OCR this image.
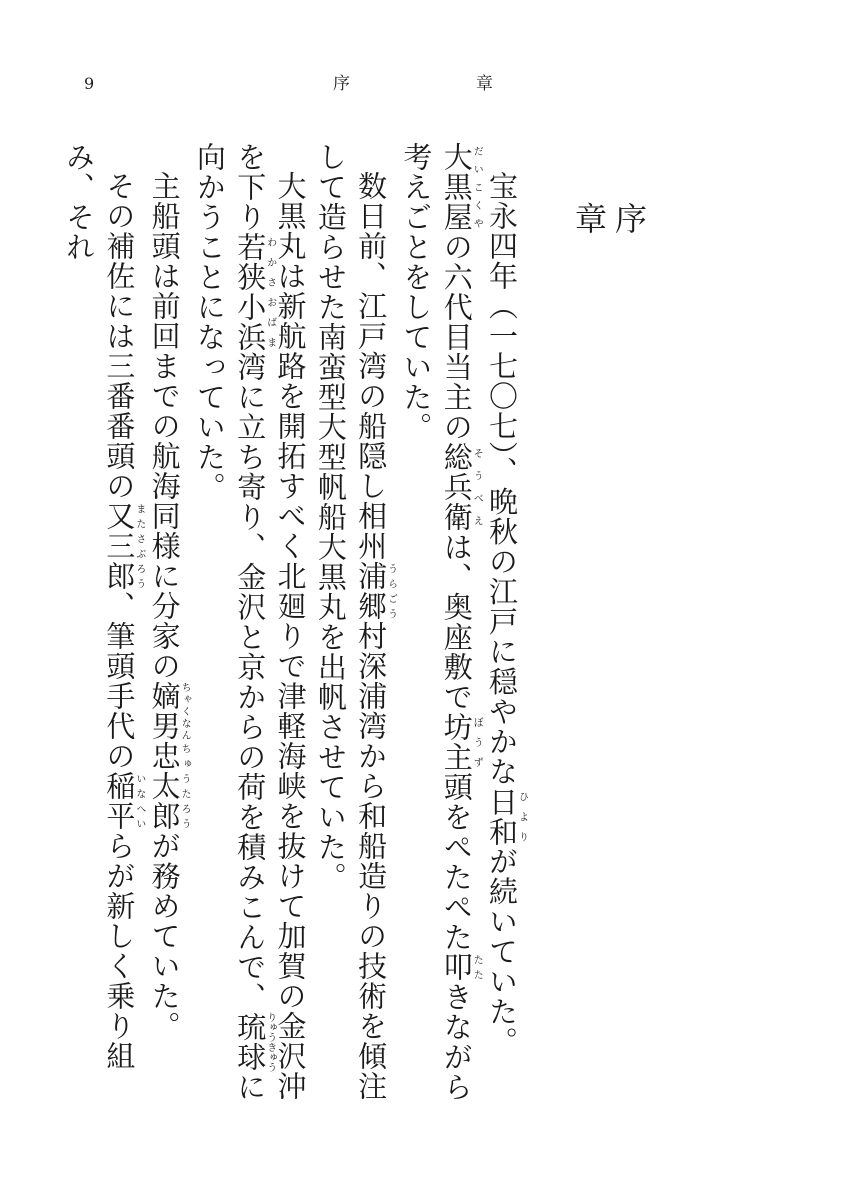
9	序	章
序　章

宝永四年（一七〇七）、晩秋の江戸に穏やかな日和ひよりが続いていた。

大黒屋だいこくやの六代目当主の総兵衛そうべえは、奥座敷で坊主ぼうず頭をぺたぺた叩たたきながら考えごとをしていた。

数日前、江戸湾の船隠し相州浦郷うらごう村深浦湾から和船造りの技術を傾注して造らせた南蛮型大型帆船大黒丸を出帆させていた。

大黒丸は新航路を開拓すべく北廻りで津軽海峡を抜けて加賀の金沢沖を下り若狭わかさ小浜おばま湾に立ち寄り、金沢と京からの荷を積みこんで、琉球りゅうきゅうに向かうことになっていた。

主船頭は前回までの航海同様に分家の嫡男ちゃくなん忠太郎ちゅうたろうが務めていた。

その補佐には三番番頭の又三郎またさぶろう、筆頭手代の稲平いなへいらが新しく乗り組み、それ
